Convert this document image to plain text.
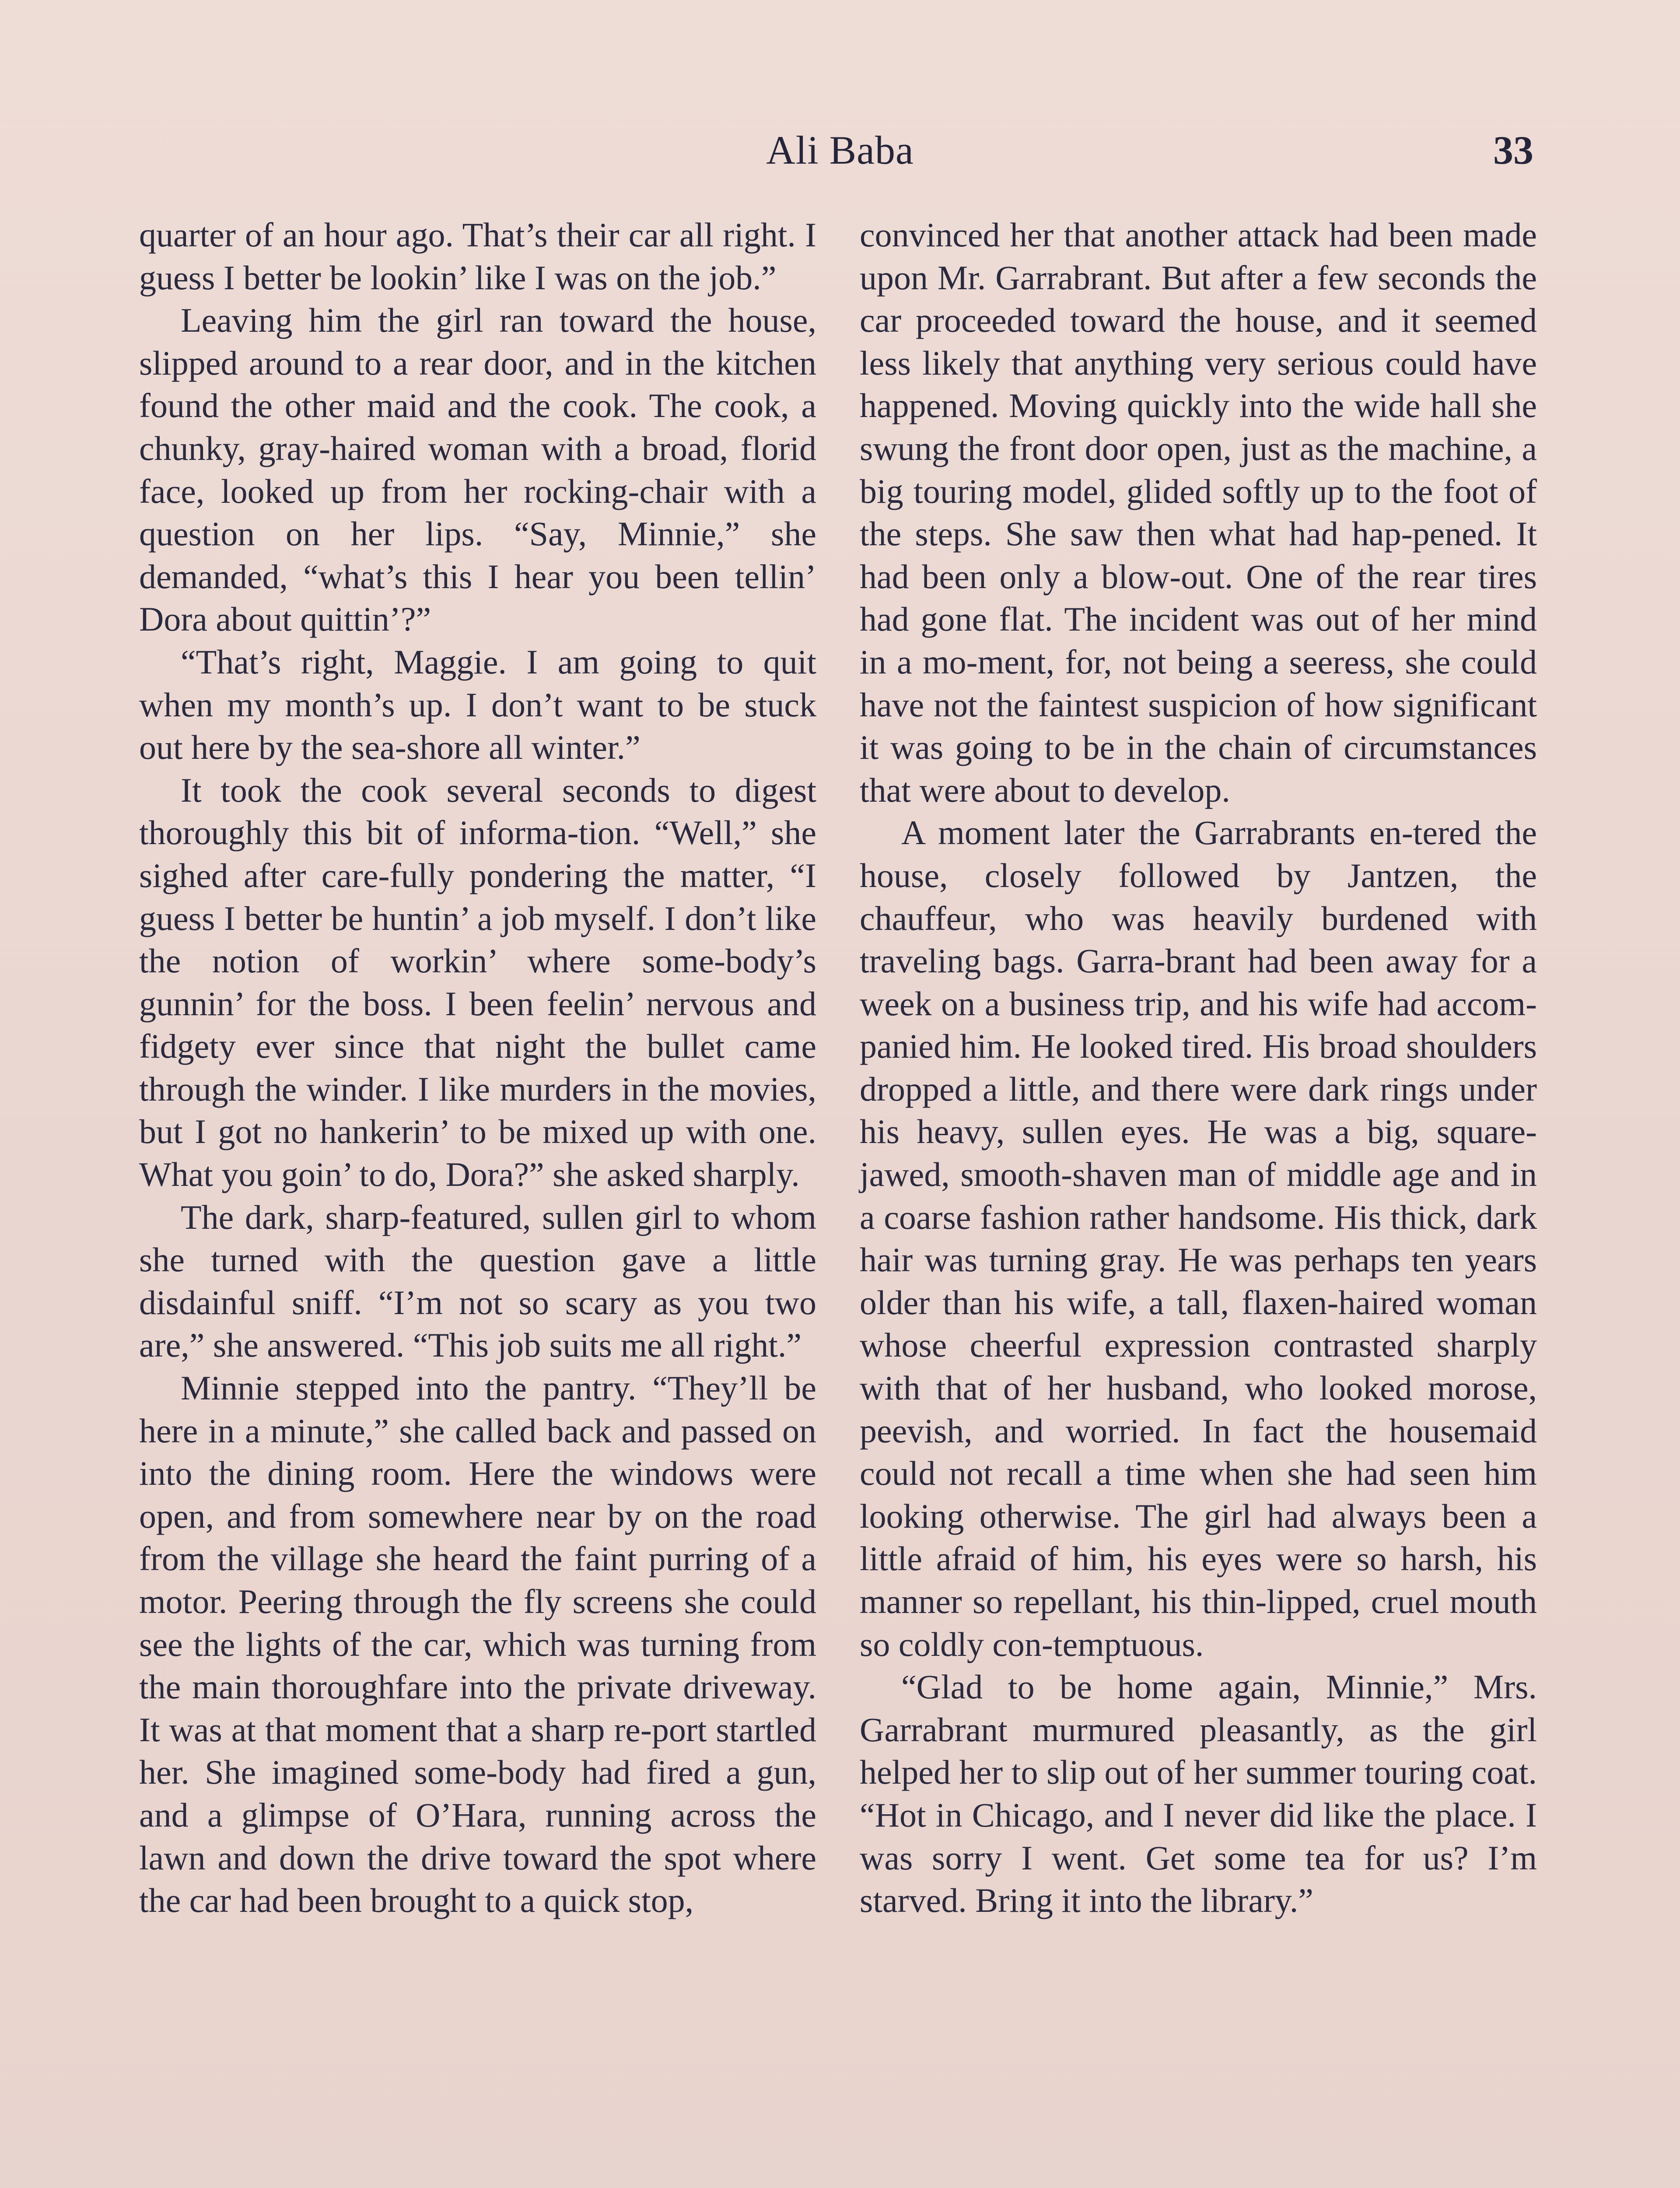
Ali Baba	33

quarter of an hour ago. That’s their car all right. I guess I better be lookin’ like I was on the job.”

Leaving him the girl ran toward the house, slipped around to a rear door, and in the kitchen found the other maid and the cook. The cook, a chunky, gray-haired woman with a broad, florid face, looked up from her rocking-chair with a question on her lips. “Say, Minnie,” she demanded, “what’s this I hear you been tellin’ Dora about quittin’?”

“That’s right, Maggie. I am going to quit when my month’s up. I don’t want to be stuck out here by the sea-shore all winter.”

It took the cook several seconds to digest thoroughly this bit of informa-tion. “Well,” she sighed after care-fully pondering the matter, “I guess I better be huntin’ a job myself. I don’t like the notion of workin’ where some-body’s gunnin’ for the boss. I been feelin’ nervous and fidgety ever since that night the bullet came through the winder. I like murders in the movies, but I got no hankerin’ to be mixed up with one. What you goin’ to do, Dora?” she asked sharply.

The dark, sharp-featured, sullen girl to whom she turned with the question gave a little disdainful sniff. “I’m not so scary as you two are,” she answered. “This job suits me all right.”

Minnie stepped into the pantry. “They’ll be here in a minute,” she called back and passed on into the dining room. Here the windows were open, and from somewhere near by on the road from the village she heard the faint purring of a motor. Peering through the fly screens she could see the lights of the car, which was turning from the main thoroughfare into the private driveway. It was at that moment that a sharp re-port startled her. She imagined some-body had fired a gun, and a glimpse of O’Hara, running across the lawn and down the drive toward the spot where the car had been brought to a quick stop,

convinced her that another attack had been made upon Mr. Garrabrant. But after a few seconds the car proceeded toward the house, and it seemed less likely that anything very serious could have happened. Moving quickly into the wide hall she swung the front door open, just as the machine, a big touring model, glided softly up to the foot of the steps. She saw then what had hap-pened. It had been only a blow-out. One of the rear tires had gone flat. The incident was out of her mind in a mo-ment, for, not being a seeress, she could have not the faintest suspicion of how significant it was going to be in the chain of circumstances that were about to develop.

A moment later the Garrabrants en-tered the house, closely followed by Jantzen, the chauffeur, who was heavily burdened with traveling bags. Garra-brant had been away for a week on a business trip, and his wife had accom-panied him. He looked tired. His broad shoulders dropped a little, and there were dark rings under his heavy, sullen eyes. He was a big, square-jawed, smooth-shaven man of middle age and in a coarse fashion rather handsome. His thick, dark hair was turning gray. He was perhaps ten years older than his wife, a tall, flaxen-haired woman whose cheerful expression contrasted sharply with that of her husband, who looked morose, peevish, and worried. In fact the housemaid could not recall a time when she had seen him looking otherwise. The girl had always been a little afraid of him, his eyes were so harsh, his manner so repellant, his thin-lipped, cruel mouth so coldly con-temptuous.

“Glad to be home again, Minnie,” Mrs. Garrabrant murmured pleasantly, as the girl helped her to slip out of her summer touring coat. “Hot in Chicago, and I never did like the place. I was sorry I went. Get some tea for us? I’m starved. Bring it into the library.”
